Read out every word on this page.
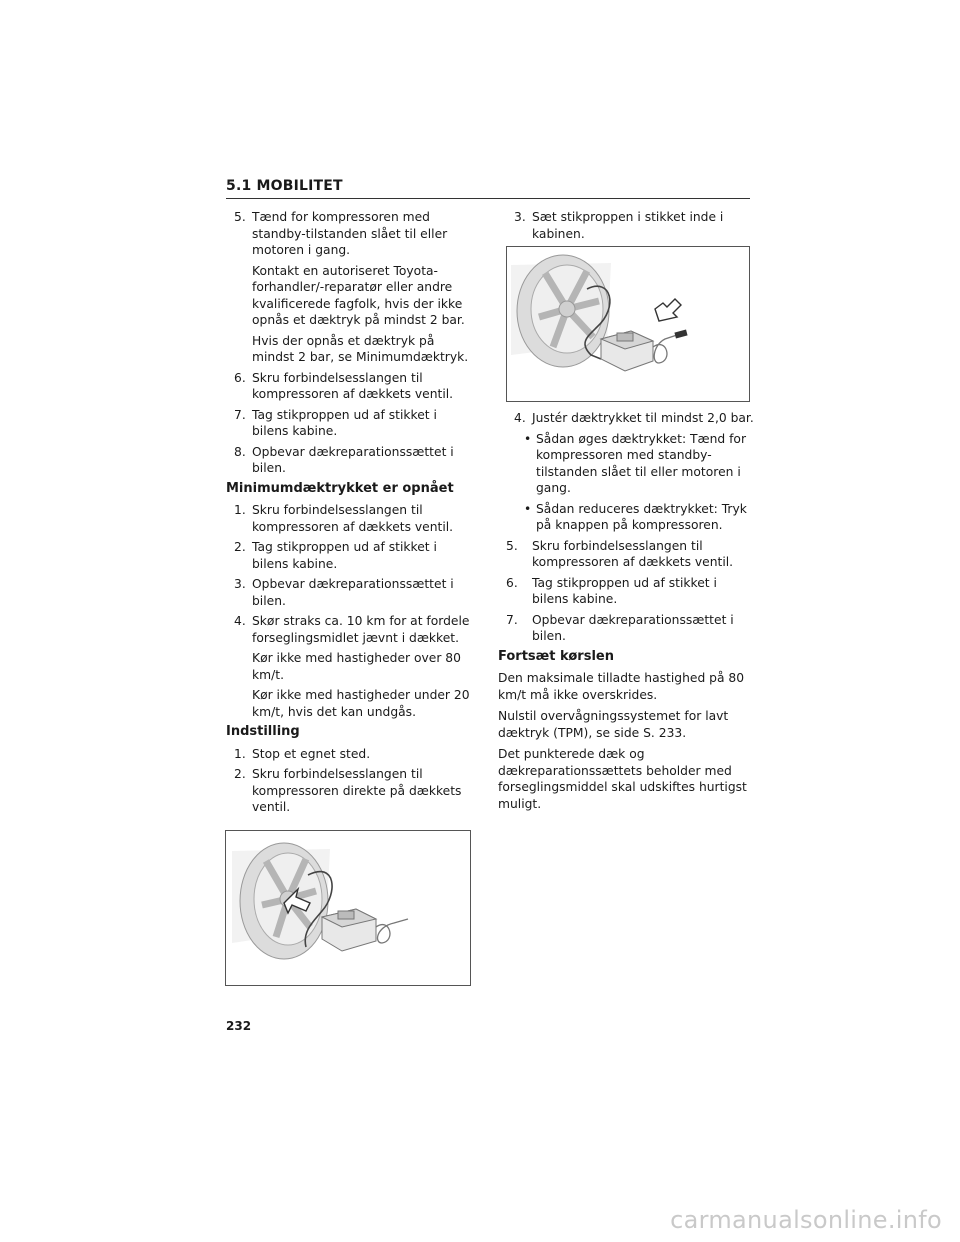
5.1 MOBILITET
5. Tænd for kompressoren med standby-tilstanden slået til eller motoren i gang.
Kontakt en autoriseret Toyota-forhandler/-reparatør eller andre kvalificerede fagfolk, hvis der ikke opnås et dæktryk på mindst 2 bar.
Hvis der opnås et dæktryk på mindst 2 bar, se Minimumdæktryk.
6. Skru forbindelsesslangen til kompressoren af dækkets ventil.
7. Tag stikproppen ud af stikket i bilens kabine.
8. Opbevar dækreparationssættet i bilen.
Minimumdæktrykket er opnået
1. Skru forbindelsesslangen til kompressoren af dækkets ventil.
2. Tag stikproppen ud af stikket i bilens kabine.
3. Opbevar dækreparationssættet i bilen.
4. Skør straks ca. 10 km for at fordele forseglingsmidlet jævnt i dækket.
Kør ikke med hastigheder over 80 km/t.
Kør ikke med hastigheder under 20 km/t, hvis det kan undgås.
Indstilling
1. Stop et egnet sted.
2. Skru forbindelsesslangen til kompressoren direkte på dækkets ventil.
3. Sæt stikproppen i stikket inde i kabinen.
4. Justér dæktrykket til mindst 2,0 bar.
• Sådan øges dæktrykket: Tænd for kompressoren med standby-tilstanden slået til eller motoren i gang.
• Sådan reduceres dæktrykket: Tryk på knappen på kompressoren.
5. Skru forbindelsesslangen til kompressoren af dækkets ventil.
6. Tag stikproppen ud af stikket i bilens kabine.
7. Opbevar dækreparationssættet i bilen.
Fortsæt kørslen
Den maksimale tilladte hastighed på 80 km/t må ikke overskrides.
Nulstil overvågningssystemet for lavt dæktryk (TPM), se side S. 233.
Det punkterede dæk og dækreparationssættets beholder med forseglingsmiddel skal udskiftes hurtigst muligt.
232
carmanualsonline.info
